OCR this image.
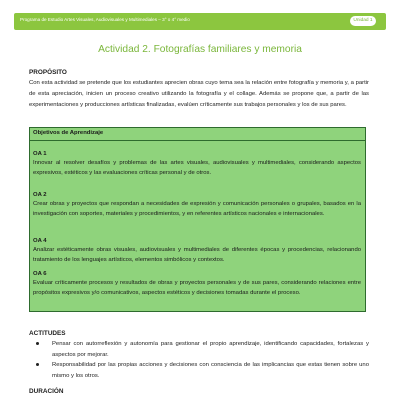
Programa de Estudio Artes Visuales, Audiovisuales y Multimediales – 3° o 4° medio	Unidad 1
Actividad 2. Fotografías familiares y memoria
PROPÓSITO
Con esta actividad se pretende que los estudiantes aprecien obras cuyo tema sea la relación entre fotografía y memoria y, a partir de esta apreciación, inicien un proceso creativo utilizando la fotografía y el collage. Además se propone que, a partir de las experimentaciones y producciones artísticas finalizadas, evalúen críticamente sus trabajos personales y los de sus pares.
Objetivos de Aprendizaje
OA 1
Innovar al resolver desafíos y problemas de las artes visuales, audiovisuales y multimediales, considerando aspectos expresivos, estéticos y las evaluaciones críticas personal y de otros.
OA 2
Crear obras y proyectos que respondan a necesidades de expresión y comunicación personales o grupales, basados en la investigación con soportes, materiales y procedimientos, y en referentes artísticos nacionales e internacionales.
OA 4
Analizar estéticamente obras visuales, audiovisuales y multimediales de diferentes épocas y procedencias, relacionando tratamiento de los lenguajes artísticos, elementos simbólicos y contextos.
OA 6
Evaluar críticamente procesos y resultados de obras y proyectos personales y de sus pares, considerando relaciones entre propósitos expresivos y/o comunicativos, aspectos estéticos y decisiones tomadas durante el proceso.
ACTITUDES
Pensar con autorreflexión y autonomía para gestionar el propio aprendizaje, identificando capacidades, fortalezas y aspectos por mejorar.
Responsabilidad por las propias acciones y decisiones con consciencia de las implicancias que estas tienen sobre uno mismo y los otros.
DURACIÓN
